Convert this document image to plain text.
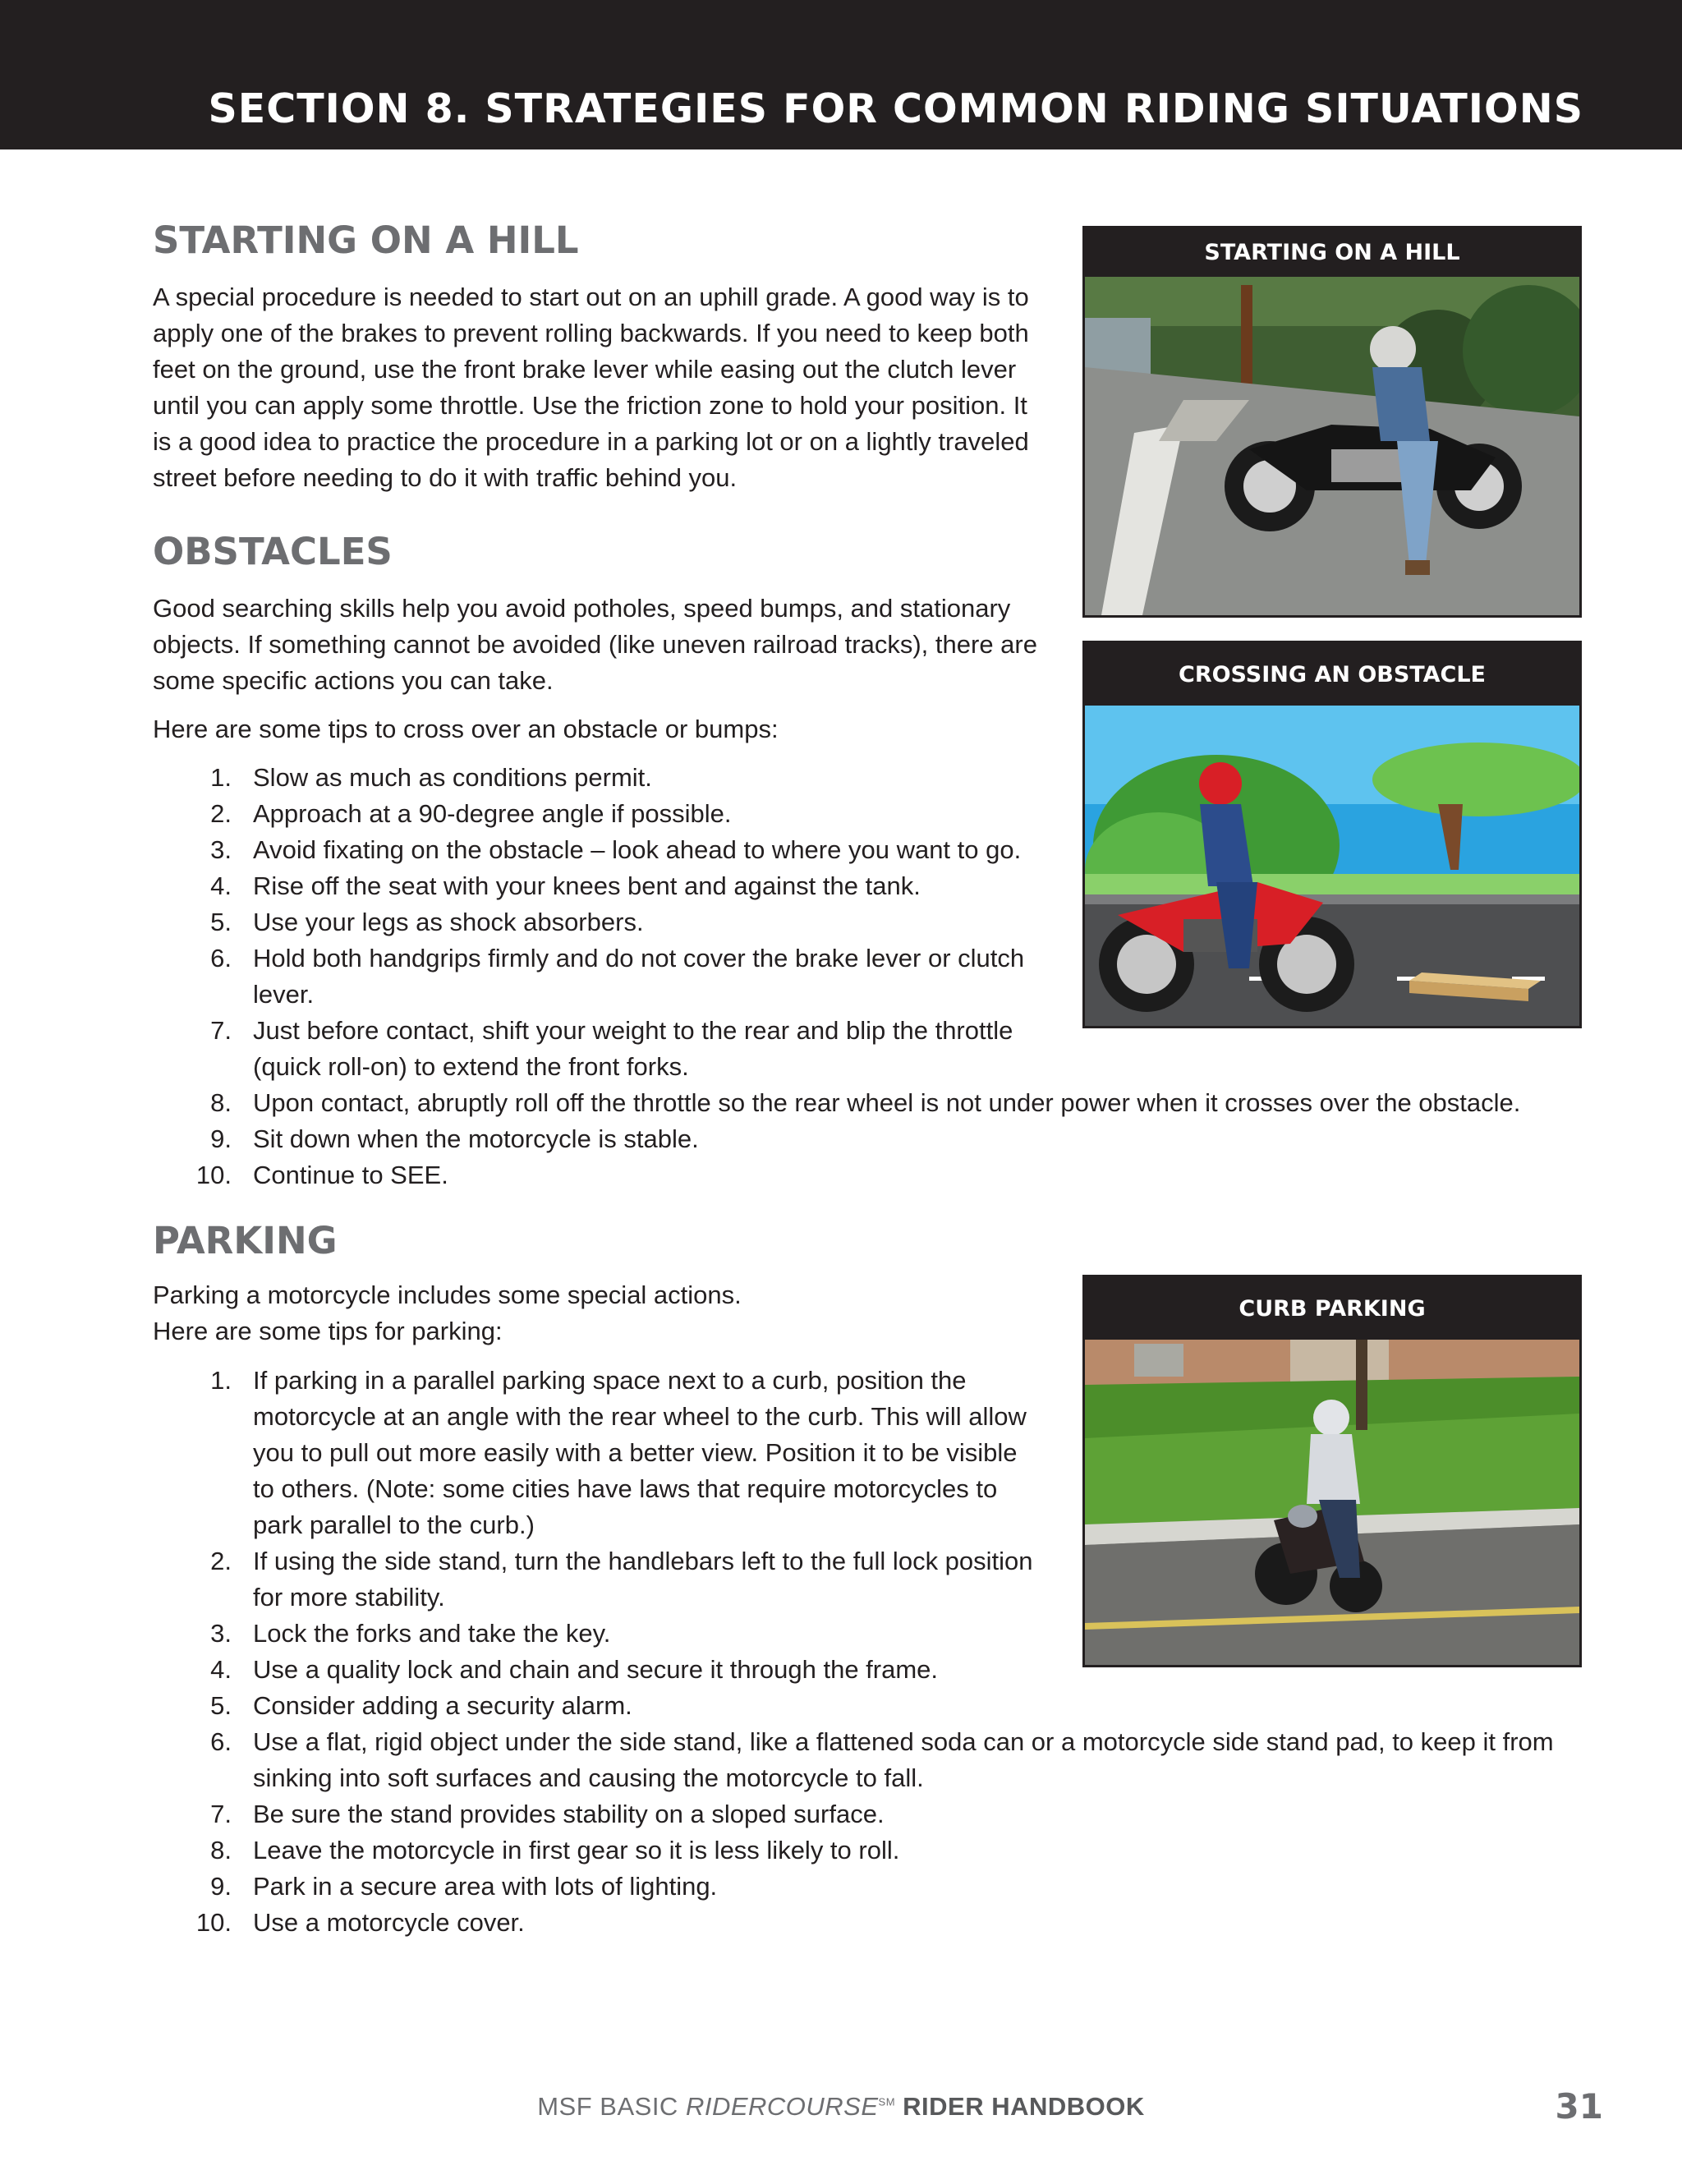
SECTION 8. STRATEGIES FOR COMMON RIDING SITUATIONS
STARTING ON A HILL

A special procedure is needed to start out on an uphill grade. A good way is to
apply one of the brakes to prevent rolling backwards. If you need to keep both
feet on the ground, use the front brake lever while easing out the clutch lever
until you can apply some throttle. Use the friction zone to hold your position. It
is a good idea to practice the procedure in a parking lot or on a lightly traveled
street before needing to do it with traffic behind you.

OBSTACLES

Good searching skills help you avoid potholes, speed bumps, and stationary
objects. If something cannot be avoided (like uneven railroad tracks), there are
some specific actions you can take.

Here are some tips to cross over an obstacle or bumps:

1. Slow as much as conditions permit.
2. Approach at a 90-degree angle if possible.
3. Avoid fixating on the obstacle – look ahead to where you want to go.
4. Rise off the seat with your knees bent and against the tank.
5. Use your legs as shock absorbers.
6. Hold both handgrips firmly and do not cover the brake lever or clutch
lever.
7. Just before contact, shift your weight to the rear and blip the throttle
(quick roll-on) to extend the front forks.
8. Upon contact, abruptly roll off the throttle so the rear wheel is not under power when it crosses over the obstacle.
9. Sit down when the motorcycle is stable.
10. Continue to SEE.
PARKING

Parking a motorcycle includes some special actions.
Here are some tips for parking:

1. If parking in a parallel parking space next to a curb, position the
motorcycle at an angle with the rear wheel to the curb. This will allow
you to pull out more easily with a better view. Position it to be visible
to others. (Note: some cities have laws that require motorcycles to
park parallel to the curb.)
2. If using the side stand, turn the handlebars left to the full lock position
for more stability.
3. Lock the forks and take the key.
4. Use a quality lock and chain and secure it through the frame.
5. Consider adding a security alarm.
6. Use a flat, rigid object under the side stand, like a flattened soda can or a motorcycle side stand pad, to keep it from
sinking into soft surfaces and causing the motorcycle to fall.
7. Be sure the stand provides stability on a sloped surface.
8. Leave the motorcycle in first gear so it is less likely to roll.
9. Park in a secure area with lots of lighting.
10. Use a motorcycle cover.
STARTING ON A HILL
CROSSING AN OBSTACLE
CURB PARKING
MSF BASIC RIDERCOURSE℠ RIDER HANDBOOK	31
